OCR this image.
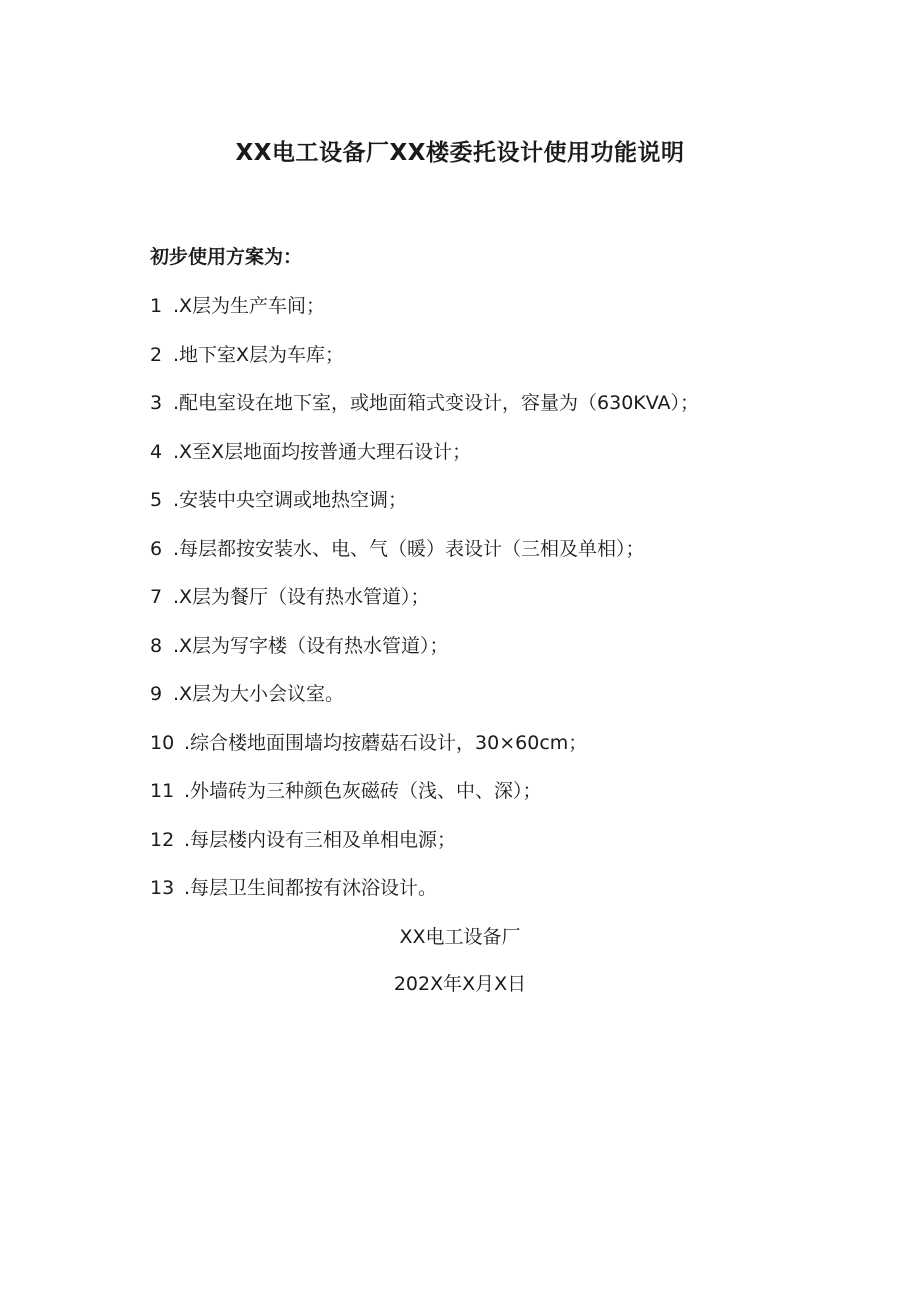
XX电工设备厂XX楼委托设计使用功能说明
初步使用方案为：
1 .X层为生产车间；
2 .地下室X层为车库；
3 .配电室设在地下室，或地面箱式变设计，容量为（630KVA）；
4 .X至X层地面均按普通大理石设计；
5 .安装中央空调或地热空调；
6 .每层都按安装水、电、气（暖）表设计（三相及单相）；
7 .X层为餐厅（设有热水管道）；
8 .X层为写字楼（设有热水管道）；
9 .X层为大小会议室。
10 .综合楼地面围墙均按蘑菇石设计，30×60cm；
11 .外墙砖为三种颜色灰磁砖（浅、中、深）；
12 .每层楼内设有三相及单相电源；
13 .每层卫生间都按有沐浴设计。
XX电工设备厂
202X年X月X日
